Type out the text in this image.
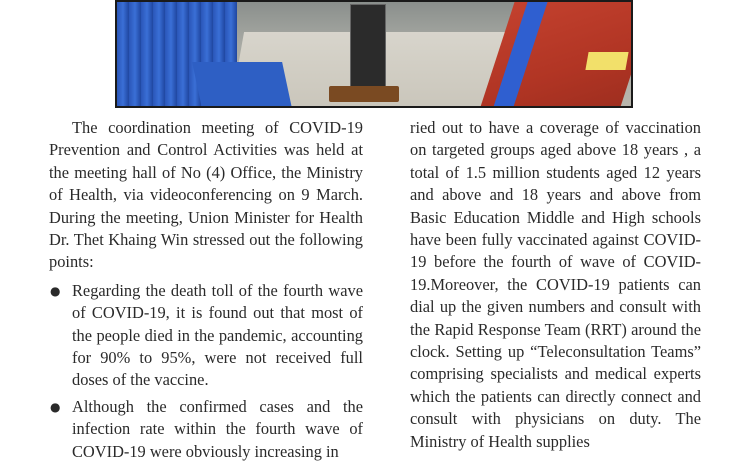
The coordination meeting of COVID-19 Prevention and Control Activities was held at the meeting hall of No (4) Office, the Ministry of Health, via videoconferencing on 9 March. During the meeting, Union Minister for Health Dr. Thet Khaing Win stressed out the following points:

● Regarding the death toll of the fourth wave of COVID-19, it is found out that most of the people died in the pandemic, accounting for 90% to 95%, were not received full doses of the vaccine.
● Although the confirmed cases and the infection rate within the fourth wave of COVID-19 were obviously increasing in

ried out to have a coverage of vaccination on targeted groups aged above 18 years , a total of 1.5 million students aged 12 years and above and 18 years and above from Basic Education Middle and High schools have been fully vaccinated against COVID-19 before the fourth of wave of COVID-19.Moreover, the COVID-19 patients can dial up the given numbers and consult with the Rapid Response Team (RRT) around the clock. Setting up “Teleconsultation Teams” comprising specialists and medical experts which the patients can directly connect and consult with physicians on duty. The Ministry of Health supplies
